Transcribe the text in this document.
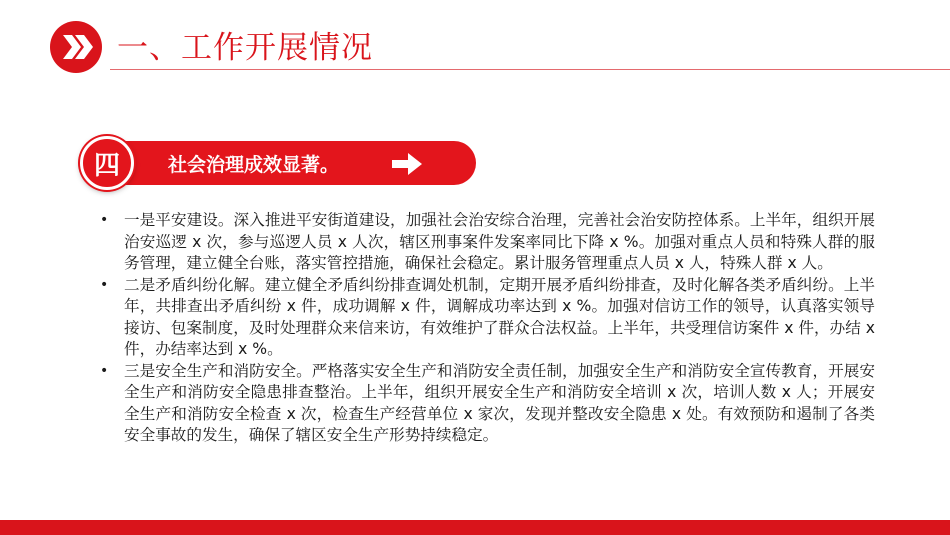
一、工作开展情况
四	社会治理成效显著。
• 一是平安建设。深入推进平安街道建设，加强社会治安综合治理，完善社会治安防控体系。上半年，组织开展治安巡逻 x 次，参与巡逻人员 x 人次，辖区刑事案件发案率同比下降 x %。加强对重点人员和特殊人群的服务管理，建立健全台账，落实管控措施，确保社会稳定。累计服务管理重点人员 x 人，特殊人群 x 人。
• 二是矛盾纠纷化解。建立健全矛盾纠纷排查调处机制，定期开展矛盾纠纷排查，及时化解各类矛盾纠纷。上半年，共排查出矛盾纠纷 x 件，成功调解 x 件，调解成功率达到 x %。加强对信访工作的领导，认真落实领导接访、包案制度，及时处理群众来信来访，有效维护了群众合法权益。上半年，共受理信访案件 x 件，办结 x 件，办结率达到 x %。
• 三是安全生产和消防安全。严格落实安全生产和消防安全责任制，加强安全生产和消防安全宣传教育，开展安全生产和消防安全隐患排查整治。上半年，组织开展安全生产和消防安全培训 x 次，培训人数 x 人；开展安全生产和消防安全检查 x 次，检查生产经营单位 x 家次，发现并整改安全隐患 x 处。有效预防和遏制了各类安全事故的发生，确保了辖区安全生产形势持续稳定。
